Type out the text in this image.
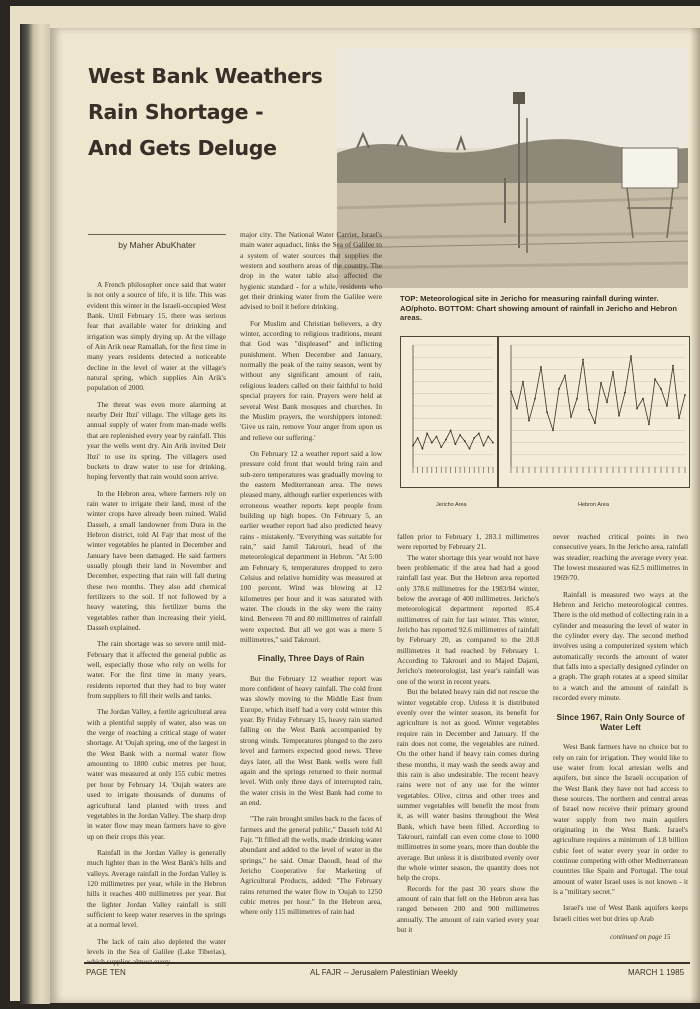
West Bank Weathers
Rain Shortage -
And Gets Deluge
by Maher AbuKhater
TOP: Meteorological site in Jericho for measuring rainfall during winter. AO/photo. BOTTOM: Chart showing amount of rainfall in Jericho and Hebron areas.
Jericho Area	Hebron Area

A French philosopher once said that water is not only a source of life, it is life. This was evident this winter in the Israeli-occupied West Bank. Until February 15, there was serious fear that available water for drinking and irrigation was simply drying up. At the village of Ain Arik near Ramallah, for the first time in many years residents detected a noticeable decline in the level of water at the village's natural spring, which supplies Ain Arik's population of 2000.

The threat was even more alarming at nearby Deir Ibzi' village. The village gets its annual supply of water from man-made wells that are replenished every year by rainfall. This year the wells went dry. Ain Arik invited Deir Ibzi' to use its spring. The villagers used buckets to draw water to use for drinking, hoping fervently that rain would soon arrive.

In the Hebron area, where farmers rely on rain water to irrigate their land, most of the winter crops have already been ruined. Walid Dasseh, a small landowner from Dura in the Hebron district, told Al Fajr that most of the winter vegetables he planted in December and January have been damaged. He said farmers usually plough their land in November and December, expecting that rain will fall during these two months. They also add chemical fertilizers to the soil. If not followed by a heavy watering, this fertilizer burns the vegetables rather than increasing their yield, Dasseh explained.

The rain shortage was so severe until mid-February that it affected the general public as well, especially those who rely on wells for water. For the first time in many years, residents reported that they had to buy water from suppliers to fill their wells and tanks.

The Jordan Valley, a fertile agricultural area with a plentiful supply of water, also was on the verge of reaching a critical stage of water shortage. At 'Oujah spring, one of the largest in the West Bank with a normal water flow amounting to 1800 cubic metres per hour, water was measured at only 155 cubic metres per hour by February 14. 'Oujah waters are used to irrigate thousands of dunums of agricultural land planted with trees and vegetables in the Jordan Valley. The sharp drop in water flow may mean farmers have to give up on their crops this year.

Rainfall in the Jordan Valley is generally much lighter than in the West Bank's hills and valleys. Average rainfall in the Jordan Valley is 120 millimetres per year, while in the Hebron hills it reaches 400 millimetres per year. But the lighter Jordan Valley rainfall is still sufficient to keep water reserves in the springs at a normal level.

The lack of rain also depleted the water levels in the Sea of Galilee (Lake Tiberias),

major city. The National Water Carrier, Israel's main water aquaduct, links the Sea of Galilee to a system of water sources that supplies the western and southern areas of the country. The drop in the water table also affected the hygienic standard - for a while, residents who get their drinking water from the Galilee were advised to boil it before drinking.

For Muslim and Christian believers, a dry winter, according to religious traditions, meant that God was "displeased" and inflicting punishment. When December and January, normally the peak of the rainy season, went by without any significant amount of rain, religious leaders called on their faithful to hold special prayers for rain. Prayers were held at several West Bank mosques and churches. In the Muslim prayers, the worshippers intoned: 'Give us rain, remove Your anger from upon us and relieve our suffering.'

On February 12 a weather report said a low pressure cold front that would bring rain and sub-zero temperatures was gradually moving to the eastern Mediterranean area. The news pleased many, although earlier experiences with erroneous weather reports kept people from building up high hopes. On February 5, an earlier weather report had also predicted heavy rains - mistakenly. "Everything was suitable for rain," said Jamil Takrouri, head of the meteorological department in Hebron. "At 5:00 am February 6, temperatures dropped to zero Celsius and relative humidity was measured at 100 percent. Wind was blowing at 12 kilometres per hour and it was saturated with water. The clouds in the sky were the rainy kind. Between 70 and 80 millimetres of rainfall were expected. But all we got was a mere 5 millimetres," said Takrouri.

Finally, Three Days of Rain

But the February 12 weather report was more confident of heavy rainfall. The cold front was slowly moving to the Middle East from Europe, which itself had a very cold winter this year. By Friday February 15, heavy rain started falling on the West Bank accompanied by strong winds. Temperatures plunged to the zero level and farmers expected good news. Three days later, all the West Bank wells were full again and the springs returned to their normal level. With only three days of interrupted rain, the water crisis in the West Bank had come to an end.

"The rain brought smiles back to the faces of farmers and the general public," Dasseh told Al Fajr. "It filled all the wells, made drinking water abundant and added to the level of water in the springs," he said. Omar Daoudi, head of the Jericho Cooperative for Marketing of Agricultural Products, added: "The February rains returned the water flow in 'Oujah to 1250 cubic metres per hour." In the Hebron area, where only 115 millimetres of rain had

fallen prior to February 1, 283.1 millimetres were reported by February 21.

The water shortage this year would not have been problematic if the area had had a good rainfall last year. But the Hebron area reported only 378.6 millimetres for the 1983/84 winter, below the average of 400 millimetres. Jericho's meteorological department reported 85.4 millimetres of rain for last winter. This winter, Jericho has reported 92.6 millimetres of rainfall by February 20, as compared to the 20.8 millimetres it had reached by February 1. According to Takrouri and to Majed Dajani, Jericho's meteorologist, last year's rainfall was one of the worst in recent years.

But the belated heavy rain did not rescue the winter vegetable crop. Unless it is distributed evenly over the winter season, its benefit for agriculture is not as good. Winter vegetables require rain in December and January. If the rain does not come, the vegetables are ruined. On the other hand if heavy rain comes during these months, it may wash the seeds away and this rain is also undesirable. The recent heavy rains were not of any use for the winter vegetables. Olive, citrus and other trees and summer vegetables will benefit the most from it, as will water basins throughout the West Bank, which have been filled. According to Takrouri, rainfall can even come close to 1000 millimetres in some years, more than double the average. But unless it is distributed evenly over the whole winter season, the quantity does not help the crops.

Records for the past 30 years show the amount of rain that fell on the Hebron area has ranged between 200 and 900 millimetres annually. The amount of rain varied every year but it

never reached critical points in two consecutive years. In the Jericho area, rainfall was steadier, reaching the average every year. The lowest measured was 62.5 millimetres in 1969/70.

Rainfall is measured two ways at the Hebron and Jericho meteorological centres. There is the old method of collecting rain in a cylinder and measuring the level of water in the cylinder every day. The second method involves using a computerized system which automatically records the amount of water that falls into a specially designed cylinder on a graph. The graph rotates at a speed similar to a watch and the amount of rainfall is recorded every minute.

Since 1967, Rain Only Source of Water Left

West Bank farmers have no choice but to rely on rain for irrigation. They would like to use water from local artesian wells and aquifers, but since the Israeli occupation of the West Bank they have not had access to these sources. The northern and central areas of Israel now receive their primary ground water supply from two main aquifers originating in the West Bank. Israel's agriculture requires a minimum of 1.8 billion cubic feet of water every year in order to continue competing with other Mediterranean countries like Spain and Portugal. The total amount of water Israel uses is not known - it is a "military secret."

Israel's use of West Bank aquifers keeps Israeli cities wet but dries up Arab

continued on page 15
PAGE TEN	AL FAJR -- Jerusalem Palestinian Weekly	MARCH 1 1985
